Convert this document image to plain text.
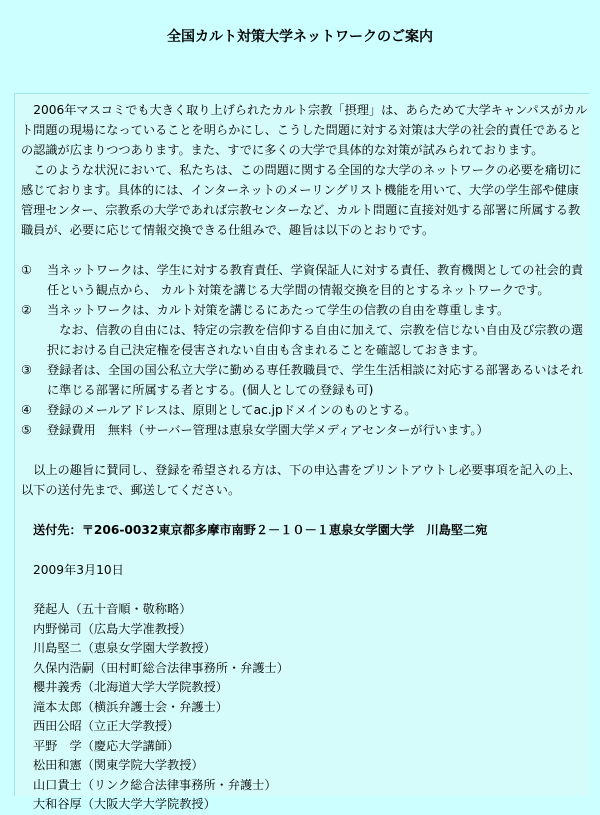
全国カルト対策大学ネットワークのご案内

2006年マスコミでも大きく取り上げられたカルト宗教「摂理」は、あらためて大学キャンパスがカルト問題の現場になっていることを明らかにし、こうした問題に対する対策は大学の社会的責任であるとの認識が広まりつつあります。また、すでに多くの大学で具体的な対策が試みられております。

このような状況において、私たちは、この問題に関する全国的な大学のネットワークの必要を痛切に感じております。具体的には、インターネットのメーリングリスト機能を用いて、大学の学生部や健康管理センター、宗教系の大学であれば宗教センターなど、カルト問題に直接対処する部署に所属する教職員が、必要に応じて情報交換できる仕組みで、趣旨は以下のとおりです。

①	当ネットワークは、学生に対する教育責任、学資保証人に対する責任、教育機関としての社会的責任という観点から、 カルト対策を講じる大学間の情報交換を目的とするネットワークです。
②	当ネットワークは、カルト対策を講じるにあたって学生の信教の自由を尊重します。

なお、信教の自由には、特定の宗教を信仰する自由に加えて、宗教を信じない自由及び宗教の選択における自己決定権を侵害されない自由も含まれることを確認しておきます。

③	登録者は、全国の国公私立大学に勤める専任教職員で、学生生活相談に対応する部署あるいはそれに準じる部署に所属する者とする。(個人としての登録も可)
④	登録のメールアドレスは、原則としてac.jpドメインのものとする。
⑤	登録費用　無料（サーバー管理は恵泉女学園大学メディアセンターが行います。）

以上の趣旨に賛同し、登録を希望される方は、下の申込書をプリントアウトし必要事項を記入の上、以下の送付先まで、郵送してください。

送付先：〒206-0032東京都多摩市南野２－１０－１恵泉女学園大学　川島堅二宛
2009年3月10日
発起人（五十音順・敬称略）
内野悌司（広島大学准教授）
川島堅二（恵泉女学園大学教授）
久保内浩嗣（田村町総合法律事務所・弁護士）
櫻井義秀（北海道大学大学院教授）
滝本太郎（横浜弁護士会・弁護士）
西田公昭（立正大学教授）
平野　学（慶応大学講師）
松田和憲（関東学院大学教授）
山口貴士（リンク総合法律事務所・弁護士）
大和谷厚（大阪大学大学院教授）
